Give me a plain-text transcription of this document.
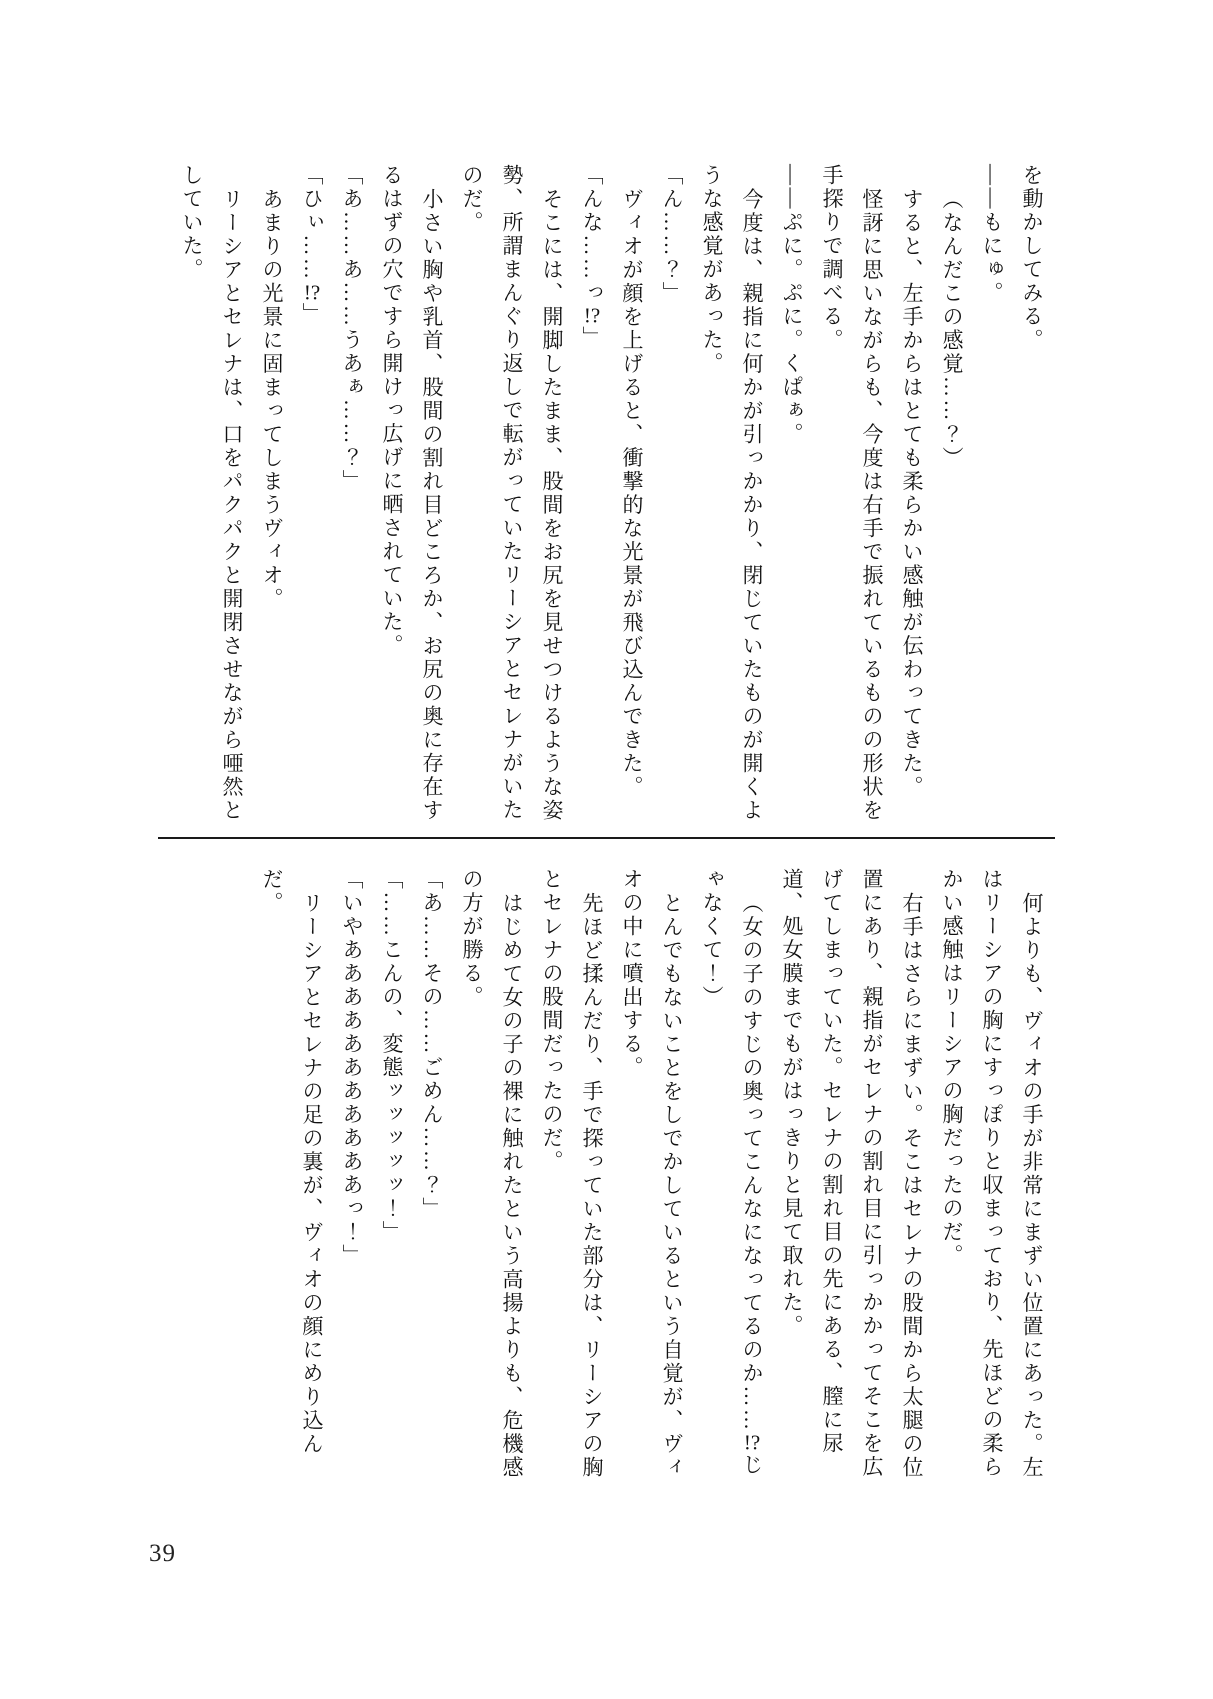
を動かしてみる。

――もにゅ。

（なんだこの感覚……？）

すると、左手からはとても柔らかい感触が伝わってきた。

怪訝に思いながらも、今度は右手で振れているものの形状を手探りで調べる。

――ぷに。ぷに。くぱぁ。

今度は、親指に何かが引っかかり、閉じていたものが開くような感覚があった。

「ん……？」

ヴィオが顔を上げると、衝撃的な光景が飛び込んできた。

「んな……っ!?」

そこには、開脚したまま、股間をお尻を見せつけるような姿勢、所謂まんぐり返しで転がっていたリーシアとセレナがいたのだ。

小さい胸や乳首、股間の割れ目どころか、お尻の奥に存在するはずの穴ですら開けっ広げに晒されていた。

「あ……あ……うあぁ……？」

「ひぃ……!?」

あまりの光景に固まってしまうヴィオ。

リーシアとセレナは、口をパクパクと開閉させながら唖然としていた。

何よりも、ヴィオの手が非常にまずい位置にあった。左はリーシアの胸にすっぽりと収まっており、先ほどの柔らかい感触はリーシアの胸だったのだ。

右手はさらにまずい。そこはセレナの股間から太腿の位置にあり、親指がセレナの割れ目に引っかかってそこを広げてしまっていた。セレナの割れ目の先にある、膣に尿道、処女膜までもがはっきりと見て取れた。

（女の子のすじの奥ってこんなになってるのか……!?じゃなくて！）

とんでもないことをしでかしているという自覚が、ヴィオの中に噴出する。

先ほど揉んだり、手で探っていた部分は、リーシアの胸とセレナの股間だったのだ。

はじめて女の子の裸に触れたという高揚よりも、危機感の方が勝る。

「あ……その……ごめん……？」

「……こんの、変態ッッッッッ！」

「いやあああああああああああっ！」

リーシアとセレナの足の裏が、ヴィオの顔にめり込んだ。

39
